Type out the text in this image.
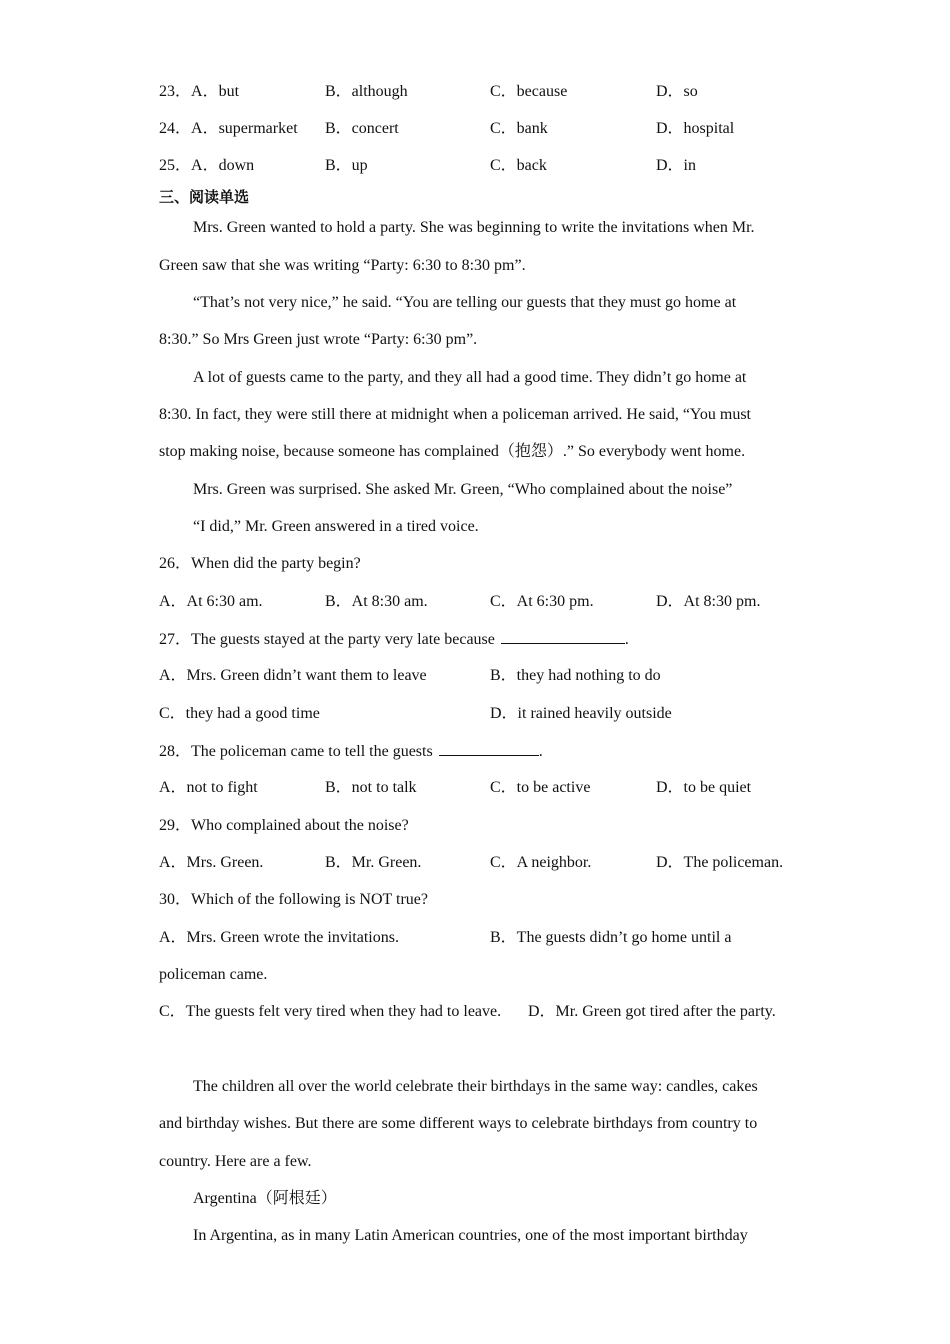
23．A．but	B．although	C．because	D．so
24．A．supermarket B．concert	C．bank	D．hospital
25．A．down	B．up	C．back	D．in
三、阅读单选
Mrs. Green wanted to hold a party. She was beginning to write the invitations when Mr.
Green saw that she was writing “Party: 6:30 to 8:30 pm”.
“That’s not very nice,” he said. “You are telling our guests that they must go home at
8:30.” So Mrs Green just wrote “Party: 6:30 pm”.
A lot of guests came to the party, and they all had a good time. They didn’t go home at
8:30. In fact, they were still there at midnight when a policeman arrived. He said, “You must
stop making noise, because someone has complained（抱怨）.” So everybody went home.
Mrs. Green was surprised. She asked Mr. Green, “Who complained about the noise”
“I did,” Mr. Green answered in a tired voice.
26．When did the party begin?
A．At 6:30 am.	B．At 8:30 am.	C．At 6:30 pm.	D．At 8:30 pm.
27．The guests stayed at the party very late because	.
A．Mrs. Green didn’t want them to leave	B．they had nothing to do
C．they had a good time	D．it rained heavily outside
28．The policeman came to tell the guests	.
A．not to fight	B．not to talk	C．to be active	D．to be quiet
29．Who complained about the noise?
A．Mrs. Green.	B．Mr. Green.	C．A neighbor.	D．The policeman.
30．Which of the following is NOT true?
A．Mrs. Green wrote the invitations.	B．The guests didn’t go home until a
policeman came.
C．The guests felt very tired when they had to leave. D．Mr. Green got tired after the party.
The children all over the world celebrate their birthdays in the same way: candles, cakes
and birthday wishes. But there are some different ways to celebrate birthdays from country to
country. Here are a few.
Argentina（阿根廷）
In Argentina, as in many Latin American countries, one of the most important birthday
